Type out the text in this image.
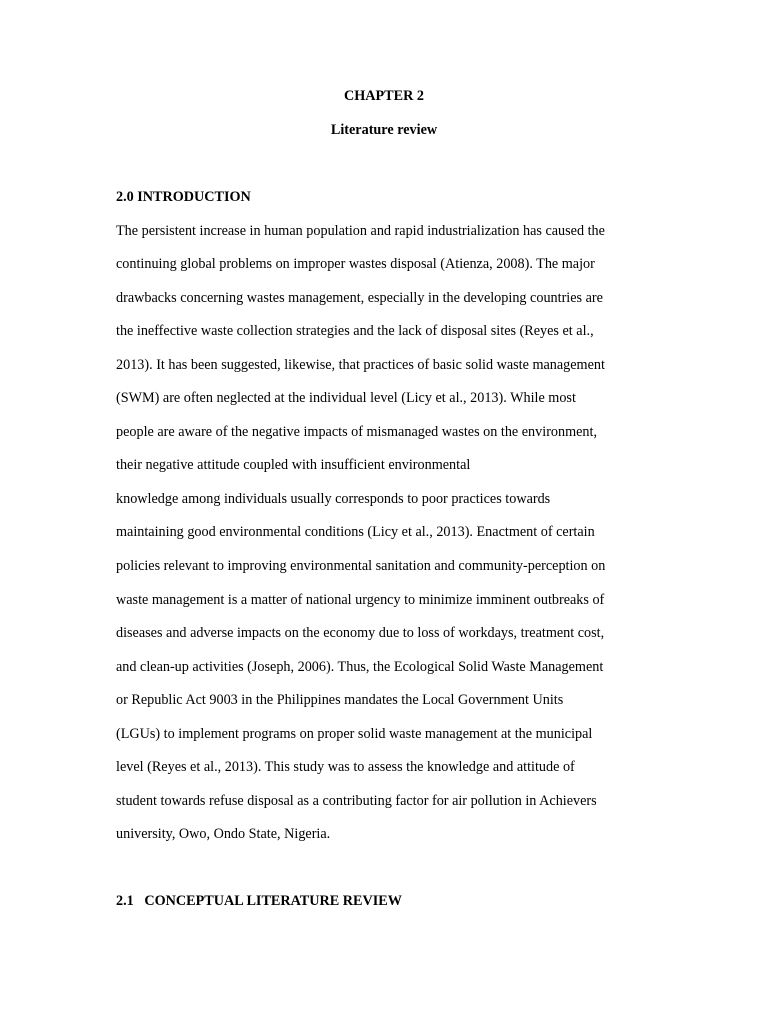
CHAPTER 2
Literature review
2.0 INTRODUCTION
The persistent increase in human population and rapid industrialization has caused the
continuing global problems on improper wastes disposal (Atienza, 2008). The major
drawbacks concerning wastes management, especially in the developing countries are
the ineffective waste collection strategies and the lack of disposal sites (Reyes et al.,
2013). It has been suggested, likewise, that practices of basic solid waste management
(SWM) are often neglected at the individual level (Licy et al., 2013). While most
people are aware of the negative impacts of mismanaged wastes on the environment,
their negative attitude coupled with insufficient environmental
knowledge among individuals usually corresponds to poor practices towards
maintaining good environmental conditions (Licy et al., 2013). Enactment of certain
policies relevant to improving environmental sanitation and community-perception on
waste management is a matter of national urgency to minimize imminent outbreaks of
diseases and adverse impacts on the economy due to loss of workdays, treatment cost,
and clean-up activities (Joseph, 2006). Thus, the Ecological Solid Waste Management
or Republic Act 9003 in the Philippines mandates the Local Government Units
(LGUs) to implement programs on proper solid waste management at the municipal
level (Reyes et al., 2013). This study was to assess the knowledge and attitude of
student towards refuse disposal as a contributing factor for air pollution in Achievers
university, Owo, Ondo State, Nigeria.
2.1   CONCEPTUAL LITERATURE REVIEW
